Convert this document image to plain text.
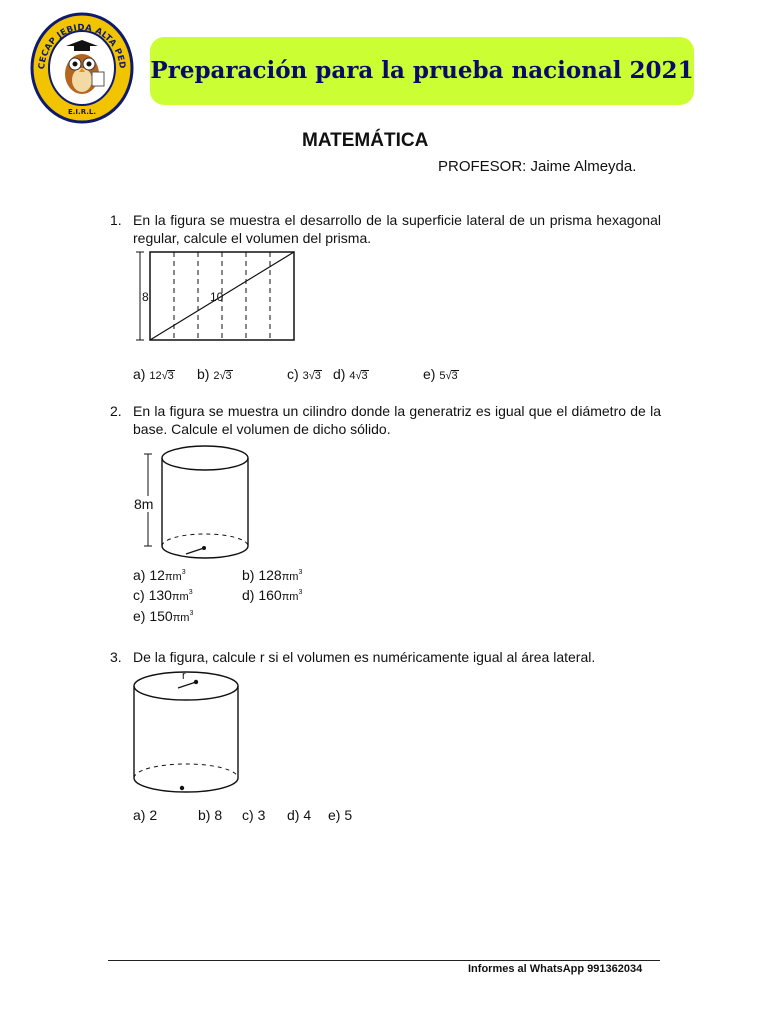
CECAP JEBIDA ALTA PED
E.I.R.L.
Preparación para la prueba nacional 2021
MATEMÁTICA
PROFESOR: Jaime Almeyda.
1. En la figura se muestra el desarrollo de la superficie lateral de un prisma hexagonal regular, calcule el volumen del prisma.
8	10
a) 12√3 b) 2√3	c) 3√3 d) 4√3	e) 5√3
2. En la figura se muestra un cilindro donde la generatriz es igual que el diámetro de la base. Calcule el volumen de dicho sólido.
8m
a) $12\pi m^3$	b) $128\pi m^3$
c) $130\pi m^3$	d) $160\pi m^3$
e) $150\pi m^3$
3. De la figura, calcule r si el volumen es numéricamente igual al área lateral.
r
a) 2	b) 8 c) 3 d) 4 e) 5
Informes al WhatsApp 991362034
